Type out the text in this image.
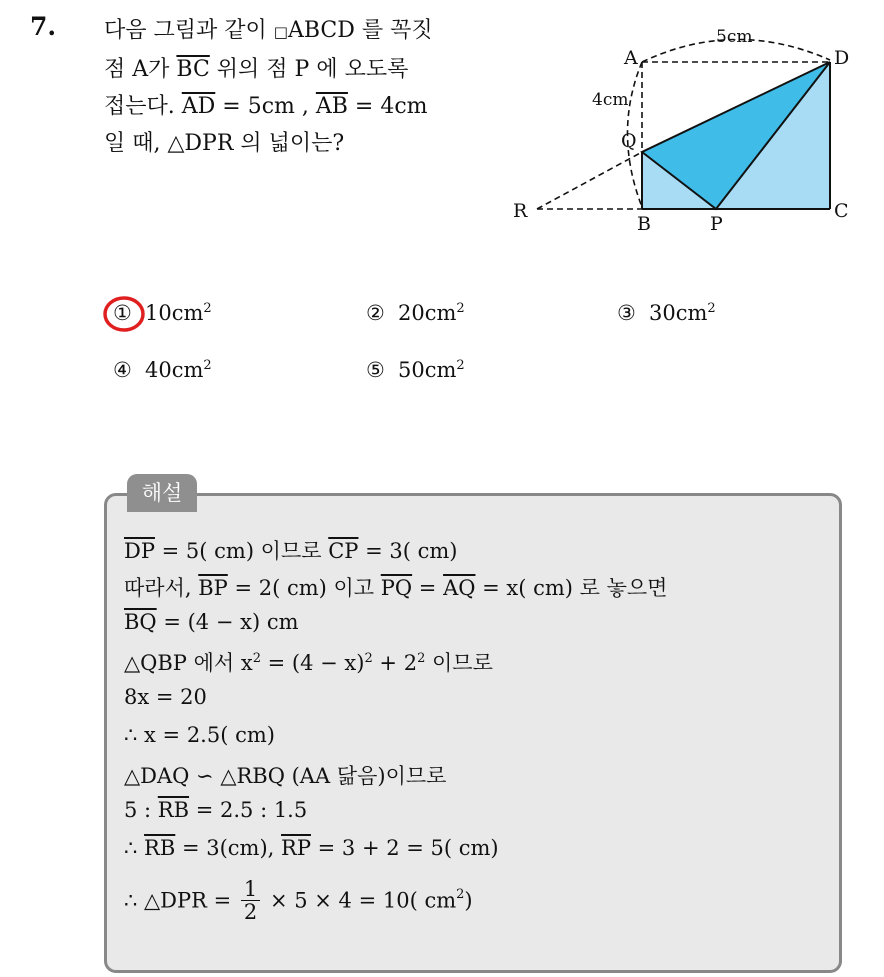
7. 다음 그림과 같이 □ABCD 를 꼭짓
점 A가 $\overline{BC}$ 위의 점 P 에 오도록
접는다. $\overline{AD} = 5cm$ , $\overline{AB} = 4cm$
일 때, △DPR 의 넓이는?
A	D
Q
R
B	P
C
5cm
4cm
① $10cm^2$	② $20cm^2$	③ $30cm^2$
④ $40cm^2$	⑤ $50cm^2$
해설
$\overline{DP} = 5$( cm) 이므로 $\overline{CP} = 3$( cm)
따라서, $\overline{BP} = 2$( cm) 이고 $\overline{PQ} = \overline{AQ} = x$( cm) 로 놓으면
$\overline{BQ} = (4 - x)$ cm
△QBP 에서 $x^2 = (4 - x)^2 + 2^2$ 이므로
8x = 20
∴ x = 2.5( cm)
△DAQ ∽ △RBQ (AA 닮음)이므로
5 : $\overline{RB} = 2.5$ : 1.5
∴ $\overline{RB} = 3(cm)$, $\overline{RP} = 3 + 2 = 5$( cm)
∴ △DPR = $\frac{1}{2} \times 5 \times 4 = 10$( $cm^2$)
